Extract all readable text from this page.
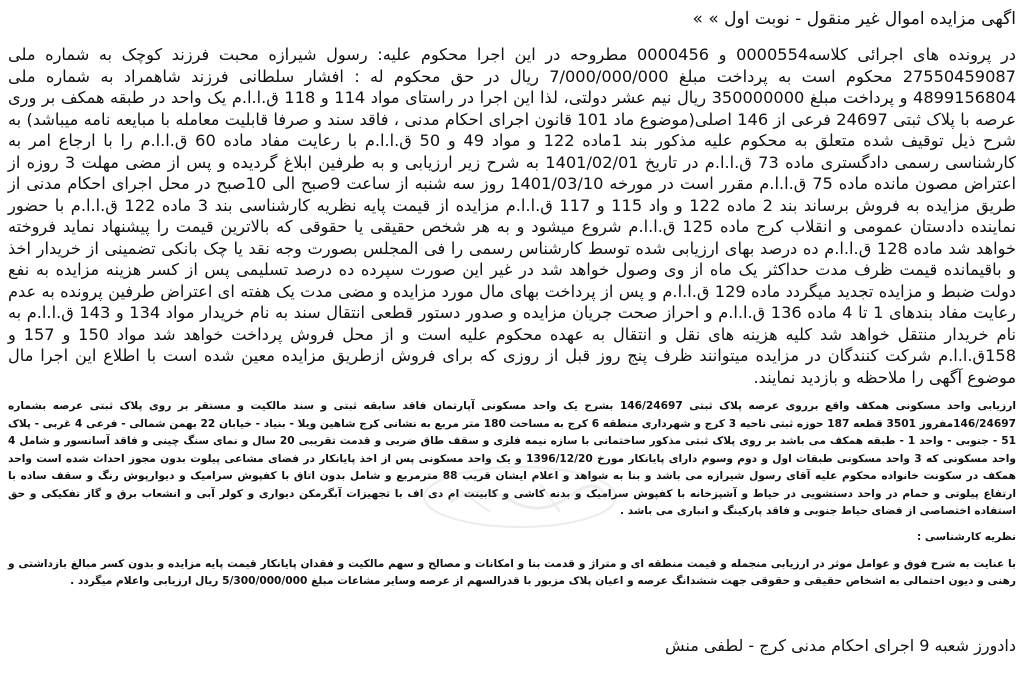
اگهی مزایده اموال غیر منقول - نوبت اول » »

در پرونده های اجرائی کلاسه0000554 و 0000456 مطروحه در این اجرا محکوم علیه: رسول شیرازه محبت فرزند کوچک به شماره ملی 27550459087 محکوم است به پرداخت مبلغ 7/000/000/000 ریال در حق محکوم له : افشار سلطانی فرزند شاهمراد به شماره ملی 4899156804 و پرداخت مبلغ 350000000 ریال نیم عشر دولتی، لذا این اجرا در راستای مواد 114 و 118 ق.ا.ا.م یک واحد در طبقه همکف بر وری عرصه با پلاک ثبتی 24697 فرعی از 146 اصلی(موضوع ماد 101 قانون اجرای احکام مدنی ، فاقد سند و صرفا قابلیت معامله با مبایعه نامه میباشد) به شرح ذیل توقیف شده متعلق به محکوم علیه مذکور بند 1ماده 122 و مواد 49 و 50 ق.ا.ا.م با رعایت مفاد ماده 60 ق.ا.ا.م را با ارجاع امر به کارشناسی رسمی دادگستری ماده 73 ق.ا.ا.م در تاریخ 1401/02/01 به شرح زیر ارزیابی و به طرفین ابلاغ گردیده و پس از مضی مهلت 3 روزه از اعتراض مصون مانده ماده 75 ق.ا.ا.م مقرر است در مورخه 1401/03/10 روز سه شنبه از ساعت 9صبح الی 10صبح در محل اجرای احکام مدنی از طریق مزایده به فروش برساند بند 2 ماده 122 و واد 115 و 117 ق.ا.ا.م مزایده از قیمت پایه نظریه کارشناسی بند 3 ماده 122 ق.ا.ا.م با حضور نماینده دادستان عمومی و انقلاب کرج ماده 125 ق.ا.ا.م شروع میشود و به هر شخص حقیقی یا حقوقی که بالاترین قیمت را پیشنهاد نماید فروخته خواهد شد ماده 128 ق.ا.ا.م ده درصد بهای ارزیابی شده توسط کارشناس رسمی را فی المجلس بصورت وجه نقد یا چک بانکی تضمینی از خریدار اخذ و باقیمانده قیمت ظرف مدت حداکثر یک ماه از وی وصول خواهد شد در غیر این صورت سپرده ده درصد تسلیمی پس از کسر هزینه مزایده به نفع دولت ضبط و مزایده تجدید میگردد ماده 129 ق.ا.ا.م و پس از پرداخت بهای مال مورد مزایده و مضی مدت یک هفته ای اعتراض طرفین پرونده به عدم رعایت مفاد بندهای 1 تا 4 ماده 136 ق.ا.ا.م و احراز صحت جریان مزایده و صدور دستور قطعی انتقال سند به نام خریدار مواد 134 و 143 ق.ا.ا.م به نام خریدار منتقل خواهد شد کلیه هزینه های نقل و انتقال به عهده محکوم علیه است و از محل فروش پرداخت خواهد شد مواد 150 و 157 و 158ق.ا.ا.م شرکت کنندگان در مزایده میتوانند ظرف پنج روز قبل از روزی که برای فروش ازطریق مزایده معین شده است با اطلاع این اجرا مال موضوع آگهی را ملاحظه و بازدید نمایند.

ارزیابی واحد مسکونی همکف واقع برروی عرصه پلاک ثبتی 146/24697 بشرح یک واحد مسکونی آپارتمان فاقد سابقه ثبتی و سند مالکیت و مستقر بر روی پلاک ثبتی عرصه بشماره 146/24697مفروز 3501 قطعه 187 حوزه ثبتی ناحیه 3 کرج و شهرداری منطقه 6 کرج به مساحت 180 متر مربع به نشانی کرج شاهین ویلا - بنیاد - خیابان 22 بهمن شمالی - فرعی 4 غربی - پلاک 51 - جنوبی - واحد 1 - طبقه همکف می باشد بر روی پلاک ثبتی مذکور ساختمانی با سازه نیمه فلزی و سقف طاق ضربی و قدمت تقریبی 20 سال و نمای سنگ چینی و فاقد آسانسور و شامل 4 واحد مسکونی که 3 واحد مسکونی طبقات اول و دوم وسوم دارای پایانکار مورخ 1396/12/20 و یک واحد مسکونی پس از اخذ پایانکار در فضای مشاعی پیلوت بدون مجوز احداث شده است واحد همکف در سکونت خانواده محکوم علیه آقای رسول شیرازه می باشد و بنا به شواهد و اعلام ایشان قریب 88 مترمربع و شامل بدون اتاق با کفپوش سرامیک و دیوارپوش رنگ و سقف ساده با ارتفاع پیلوتی و حمام در واحد دستشویی در حیاط و آشپزخانه با کفپوش سرامیک و بدنه کاشی و کابینت ام دی اف با تجهیزات آبگرمکن دیواری و کولر آبی و انشعاب برق و گاز تفکیکی و حق استفاده اختصاصی از فضای حیاط جنوبی و فاقد پارکینگ و انباری می باشد .

نظریه کارشناسی :

با عنایت به شرح فوق و عوامل موثر در ارزیابی منجمله و قیمت منطقه ای و متراژ و قدمت بنا و امکانات و مصالح و سهم مالکیت و فقدان پایانکار قیمت پایه مزایده و بدون کسر مبالغ بازداشتی و رهنی و دیون احتمالی به اشخاص حقیقی و حقوقی جهت ششدانگ عرصه و اعیان پلاک مزبور با قدرالسهم از عرصه وسایر مشاعات مبلغ 5/300/000/000 ریال ارزیابی واعلام میگردد .

دادورز شعبه 9 اجرای احکام مدنی کرج - لطفی منش
